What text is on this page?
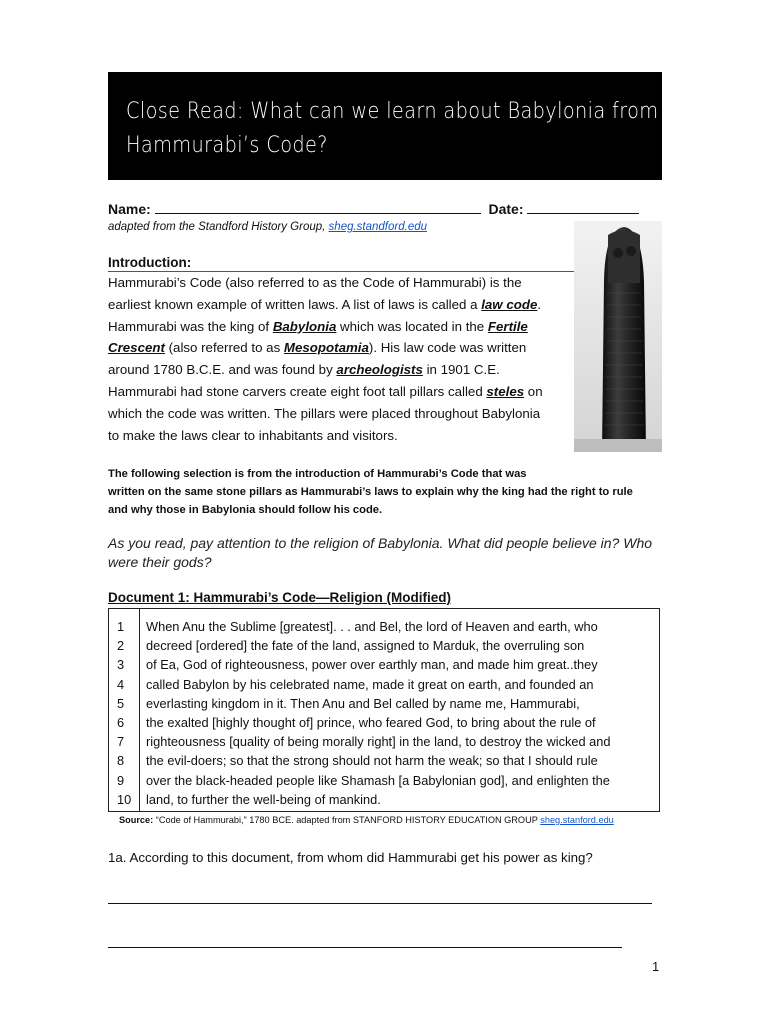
Close Read: What can we learn about Babylonia from
Hammurabi’s Code?
Name:	Date:
adapted from the Standford History Group, sheg.standford.edu
Introduction:
Hammurabi’s Code (also referred to as the Code of Hammurabi) is the
earliest known example of written laws. A list of laws is called a law code.
Hammurabi was the king of Babylonia which was located in the Fertile
Crescent (also referred to as Mesopotamia). His law code was written
around 1780 B.C.E. and was found by archeologists in 1901 C.E.
Hammurabi had stone carvers create eight foot tall pillars called steles on
which the code was written. The pillars were placed throughout Babylonia
to make the laws clear to inhabitants and visitors.
The following selection is from the introduction of Hammurabi’s Code that was
written on the same stone pillars as Hammurabi’s laws to explain why the king had the right to rule
and why those in Babylonia should follow his code.
As you read, pay attention to the religion of Babylonia. What did people believe in? Who
were their gods?
Document 1: Hammurabi’s Code—Religion (Modified)
1
2
3
4
5
6
7
8
9
10
When Anu the Sublime [greatest]. . . and Bel, the lord of Heaven and earth, who
decreed [ordered] the fate of the land, assigned to Marduk, the overruling son
of Ea, God of righteousness, power over earthly man, and made him great..they
called Babylon by his celebrated name, made it great on earth, and founded an
everlasting kingdom in it. Then Anu and Bel called by name me, Hammurabi,
the exalted [highly thought of] prince, who feared God, to bring about the rule of
righteousness [quality of being morally right] in the land, to destroy the wicked and
the evil-doers; so that the strong should not harm the weak; so that I should rule
over the black-headed people like Shamash [a Babylonian god], and enlighten the
land, to further the well-being of mankind.
Source: “Code of Hammurabi,” 1780 BCE. adapted from STANFORD HISTORY EDUCATION GROUP sheg.stanford.edu
1a. According to this document, from whom did Hammurabi get his power as king?
1
